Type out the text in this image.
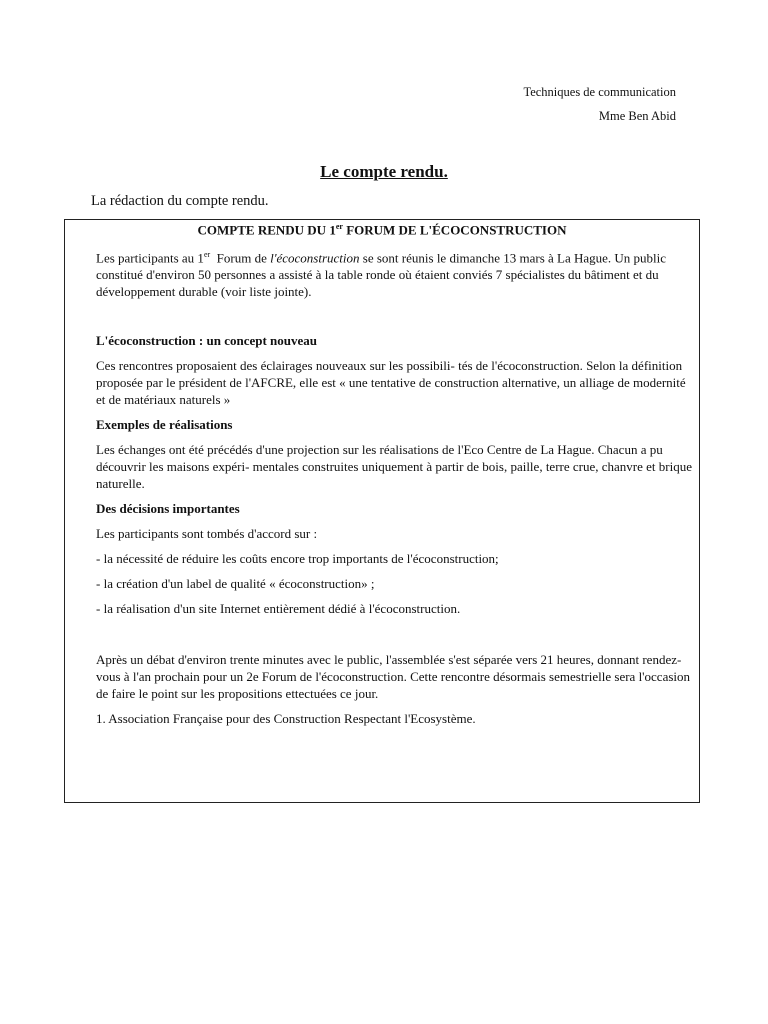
Techniques de communication
Mme Ben Abid
Le compte rendu.
La rédaction du compte rendu.
COMPTE RENDU DU 1er FORUM DE L'ÉCOCONSTRUCTION

Les participants au 1er  Forum de l'écoconstruction se sont réunis le dimanche 13 mars à La Hague. Un public constitué d'environ 50 personnes a assisté à la table ronde où étaient conviés 7 spécialistes du bâtiment et du développement durable (voir liste jointe).

L'écoconstruction : un concept nouveau

Ces rencontres proposaient des éclairages nouveaux sur les possibili- tés de l'écoconstruction. Selon la définition proposée par le président de l'AFCRE, elle est « une tentative de construction alternative, un alliage de modernité et de matériaux naturels »

Exemples de réalisations

Les échanges ont été précédés d'une projection sur les réalisations de l'Eco Centre de La Hague. Chacun a pu découvrir les maisons expéri- mentales construites uniquement à partir de bois, paille, terre crue, chanvre et brique naturelle.

Des décisions importantes

Les participants sont tombés d'accord sur :

- la nécessité de réduire les coûts encore trop importants de l'écoconstruction;

- la création d'un label de qualité « écoconstruction» ;

- la réalisation d'un site Internet entièrement dédié à l'écoconstruction.

Après un débat d'environ trente minutes avec le public, l'assemblée s'est séparée vers 21 heures, donnant rendez-vous à l'an prochain pour un 2e Forum de l'écoconstruction. Cette rencontre désormais semestrielle sera l'occasion de faire le point sur les propositions ettectuées ce jour.

1. Association Française pour des Construction Respectant l'Ecosystème.
